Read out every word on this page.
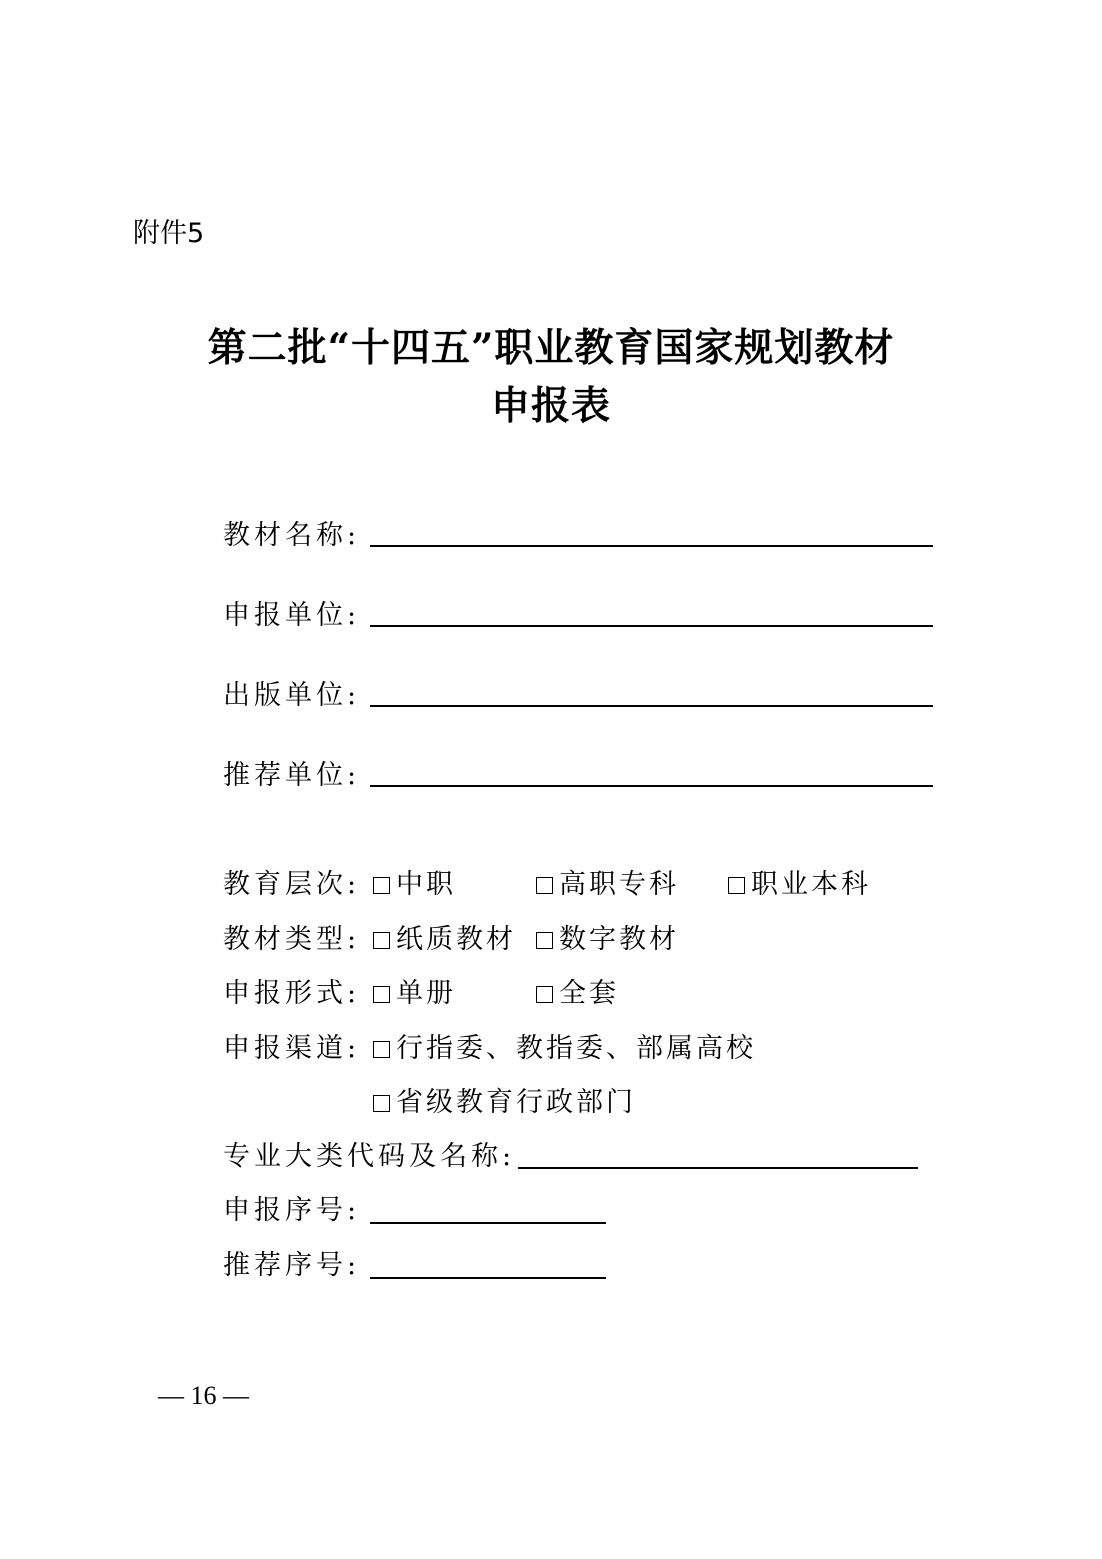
附件5
第二批“十四五”职业教育国家规划教材
申报表
教材名称:
申报单位:
出版单位:
推荐单位:
教育层次: 中职	高职专科	职业本科
教材类型: 纸质教材 数字教材
申报形式: 单册	全套
申报渠道: 行指委、教指委、部属高校
省级教育行政部门
专业大类代码及名称:
申报序号:
推荐序号:
— 16 —
